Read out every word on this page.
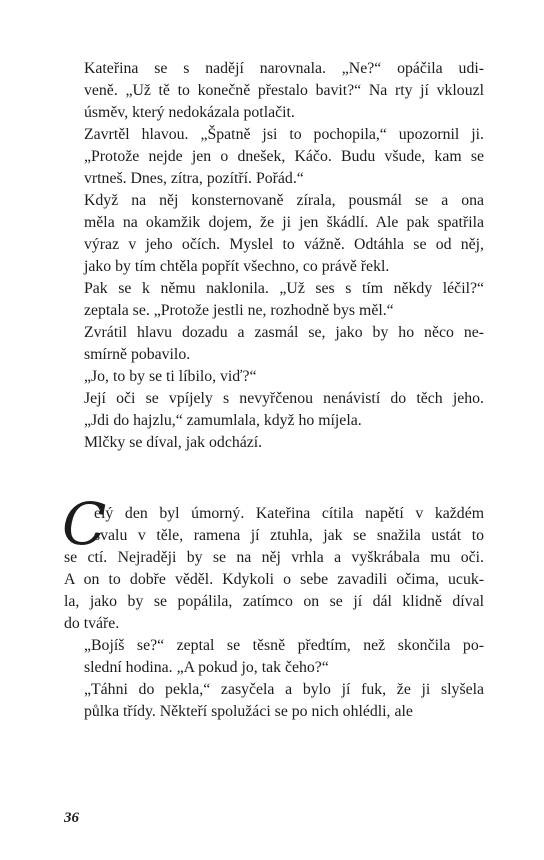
Kateřina se s nadějí narovnala. „Ne?“ opáčila udi-
veně. „Už tě to konečně přestalo bavit?“ Na rty jí vklouzl
úsměv, který nedokázala potlačit.

Zavrtěl hlavou. „Špatně jsi to pochopila,“ upozornil ji.
„Protože nejde jen o dnešek, Káčo. Budu všude, kam se
vrtneš. Dnes, zítra, pozítří. Pořád.“

Když na něj konsternovaně zírala, pousmál se a ona
měla na okamžik dojem, že ji jen škádlí. Ale pak spatřila
výraz v jeho očích. Myslel to vážně. Odtáhla se od něj,
jako by tím chtěla popřít všechno, co právě řekl.

Pak se k němu naklonila. „Už ses s tím někdy léčil?“
zeptala se. „Protože jestli ne, rozhodně bys měl.“

Zvrátil hlavu dozadu a zasmál se, jako by ho něco ne-
smírně pobavilo.

„Jo, to by se ti líbilo, viď?“

Její oči se vpíjely s nevyřčenou nenávistí do těch jeho.
„Jdi do hajzlu,“ zamumlala, když ho míjela.

Mlčky se díval, jak odchází.

C

elý den byl úmorný. Kateřina cítila napětí v každém
svalu v těle, ramena jí ztuhla, jak se snažila ustát to
se ctí. Nejraději by se na něj vrhla a vyškrábala mu oči.
A on to dobře věděl. Kdykoli o sebe zavadili očima, ucuk-
la, jako by se popálila, zatímco on se jí dál klidně díval
do tváře.

„Bojíš se?“ zeptal se těsně předtím, než skončila po-
slední hodina. „A pokud jo, tak čeho?“

„Táhni do pekla,“ zasyčela a bylo jí fuk, že ji slyšela
půlka třídy. Někteří spolužáci se po nich ohlédli, ale

36
